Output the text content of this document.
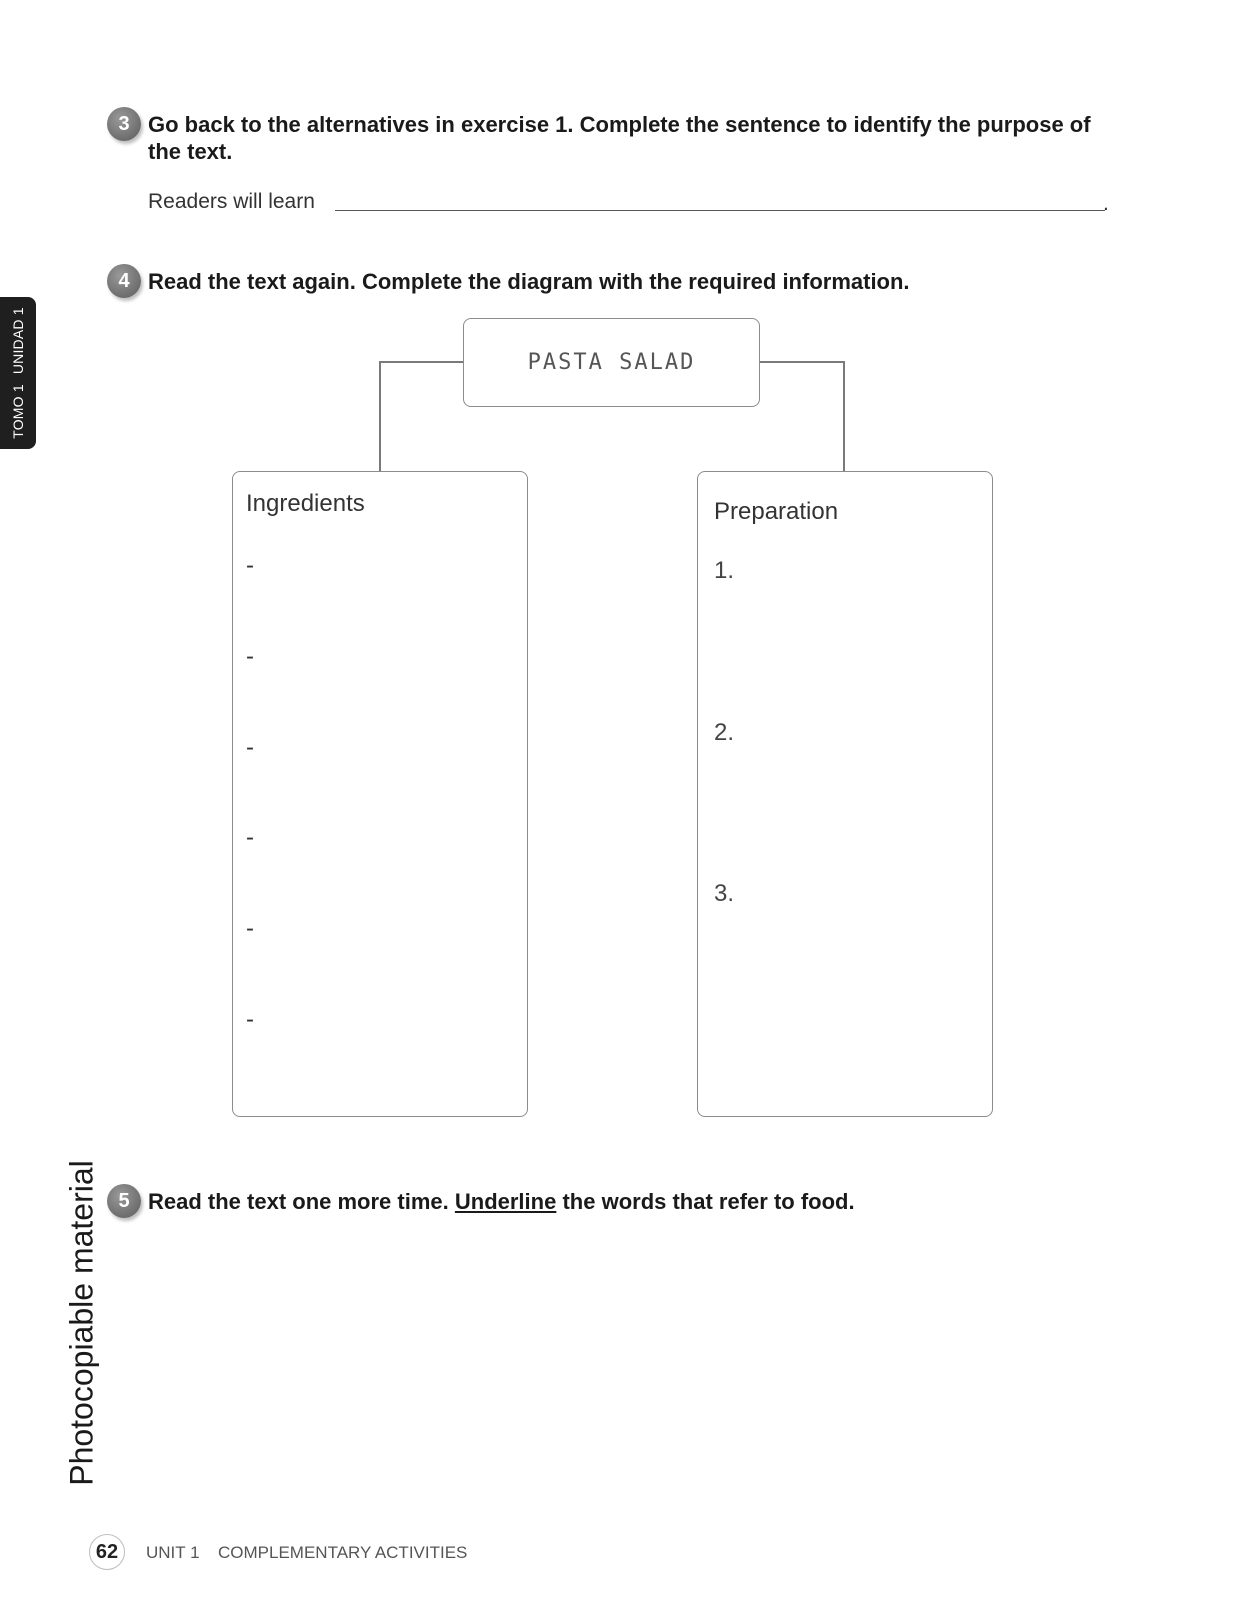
TOMO 1UNIDAD 1
Photocopiable material
3 Go back to the alternatives in exercise 1. Complete the sentence to identify the purpose of the text.
Readers will learn	.
4 Read the text again. Complete the diagram with the required information.
PASTA SALAD
Ingredients
-
-
-
-
-
-
Preparation
1.
2.
3.
5 Read the text one more time. Underline the words that refer to food.
62	UNIT 1 COMPLEMENTARY ACTIVITIES
